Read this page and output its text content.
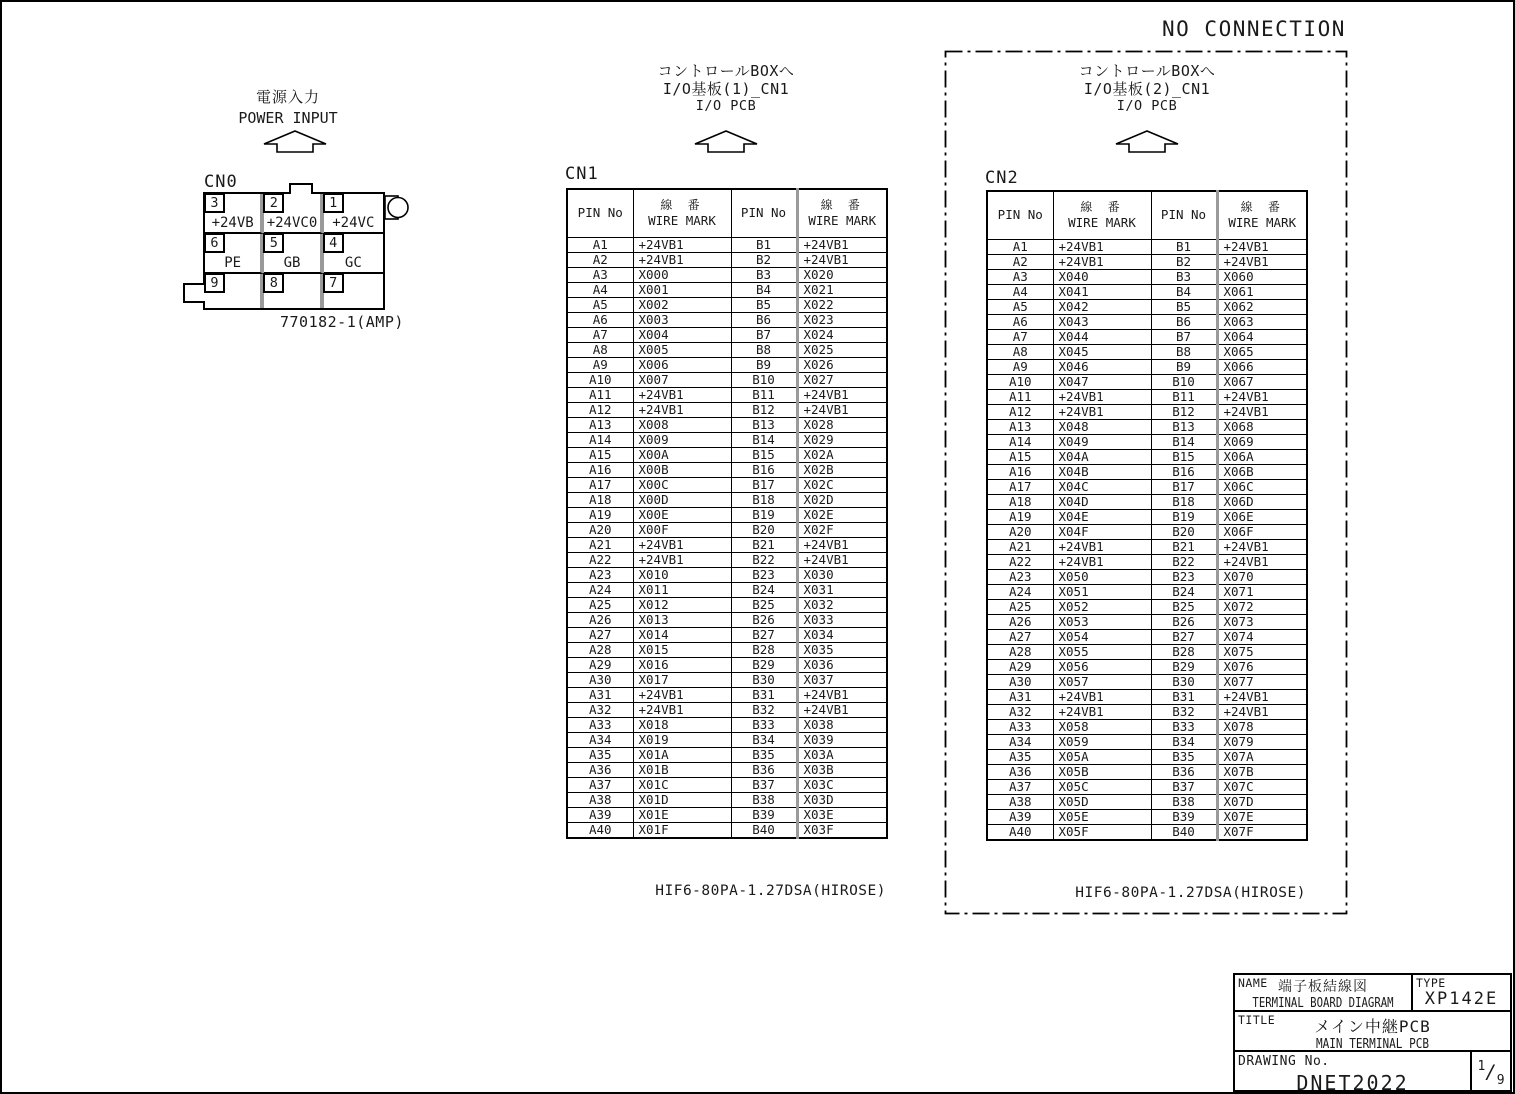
NO CONNECTION
電源入力
POWER INPUT
CN0
3
+24VB
2
+24VC0
1
+24VC
6
PE
5
GB
4
GC
9	8	7
770182-1(AMP)
コントロールBOXへ
I/O基板(1)_CN1
I/O PCB
CN1
PIN No	線 番
WIRE MARK
	PIN No	線 番
WIRE MARK

A1	+24VB1	B1	+24VB1
A2	+24VB1	B2	+24VB1
A3	X000	B3	X020
A4	X001	B4	X021
A5	X002	B5	X022
A6	X003	B6	X023
A7	X004	B7	X024
A8	X005	B8	X025
A9	X006	B9	X026
A10	X007	B10	X027
A11	+24VB1	B11	+24VB1
A12	+24VB1	B12	+24VB1
A13	X008	B13	X028
A14	X009	B14	X029
A15	X00A	B15	X02A
A16	X00B	B16	X02B
A17	X00C	B17	X02C
A18	X00D	B18	X02D
A19	X00E	B19	X02E
A20	X00F	B20	X02F
A21	+24VB1	B21	+24VB1
A22	+24VB1	B22	+24VB1
A23	X010	B23	X030
A24	X011	B24	X031
A25	X012	B25	X032
A26	X013	B26	X033
A27	X014	B27	X034
A28	X015	B28	X035
A29	X016	B29	X036
A30	X017	B30	X037
A31	+24VB1	B31	+24VB1
A32	+24VB1	B32	+24VB1
A33	X018	B33	X038
A34	X019	B34	X039
A35	X01A	B35	X03A
A36	X01B	B36	X03B
A37	X01C	B37	X03C
A38	X01D	B38	X03D
A39	X01E	B39	X03E
A40	X01F	B40	X03F
HIF6-80PA-1.27DSA(HIROSE)
コントロールBOXへ
I/O基板(2)_CN1
I/O PCB
CN2
PIN No	線 番
WIRE MARK
	PIN No	線 番
WIRE MARK

A1	+24VB1	B1	+24VB1
A2	+24VB1	B2	+24VB1
A3	X040	B3	X060
A4	X041	B4	X061
A5	X042	B5	X062
A6	X043	B6	X063
A7	X044	B7	X064
A8	X045	B8	X065
A9	X046	B9	X066
A10	X047	B10	X067
A11	+24VB1	B11	+24VB1
A12	+24VB1	B12	+24VB1
A13	X048	B13	X068
A14	X049	B14	X069
A15	X04A	B15	X06A
A16	X04B	B16	X06B
A17	X04C	B17	X06C
A18	X04D	B18	X06D
A19	X04E	B19	X06E
A20	X04F	B20	X06F
A21	+24VB1	B21	+24VB1
A22	+24VB1	B22	+24VB1
A23	X050	B23	X070
A24	X051	B24	X071
A25	X052	B25	X072
A26	X053	B26	X073
A27	X054	B27	X074
A28	X055	B28	X075
A29	X056	B29	X076
A30	X057	B30	X077
A31	+24VB1	B31	+24VB1
A32	+24VB1	B32	+24VB1
A33	X058	B33	X078
A34	X059	B34	X079
A35	X05A	B35	X07A
A36	X05B	B36	X07B
A37	X05C	B37	X07C
A38	X05D	B38	X07D
A39	X05E	B39	X07E
A40	X05F	B40	X07F
HIF6-80PA-1.27DSA(HIROSE)
NAME 端子板結線図
TERMINAL BOARD DIAGRAM
TYPE
XP142E
TITLE	メイン中継PCB
MAIN TERMINAL PCB
DRAWING No.
DNET2022
$^1/_9$
